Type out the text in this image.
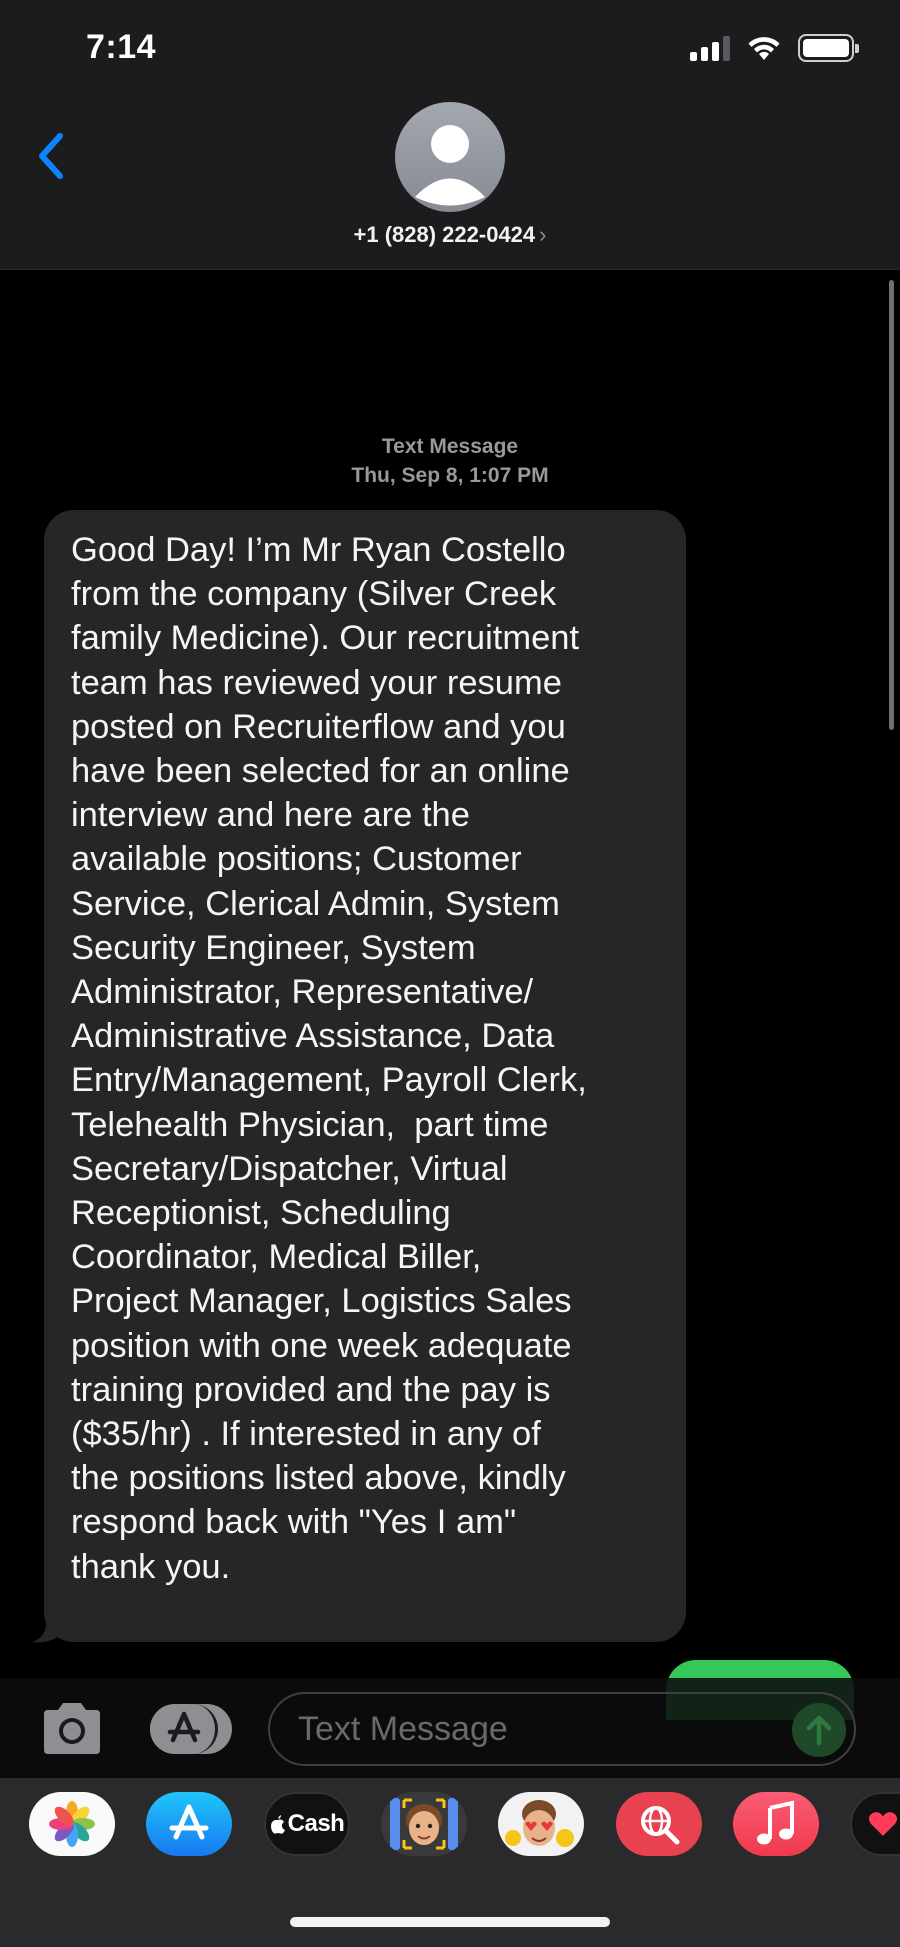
7:14
+1 (828) 222-0424 ›
Text Message
Thu, Sep 8, 1:07 PM
Good Day! I’m Mr Ryan Costello
from the company (Silver Creek
family Medicine). Our recruitment
team has reviewed your resume
posted on Recruiterflow and you
have been selected for an online
interview and here are the
available positions; Customer
Service, Clerical Admin, System
Security Engineer, System
Administrator, Representative/
Administrative Assistance, Data
Entry/Management, Payroll Clerk,
Telehealth Physician,  part time
Secretary/Dispatcher, Virtual
Receptionist, Scheduling
Coordinator, Medical Biller,
Project Manager, Logistics Sales
position with one week adequate
training provided and the pay is
($35/hr) . If interested in any of
the positions listed above, kindly
respond back with "Yes I am"
thank you.
Text Message
Cash
